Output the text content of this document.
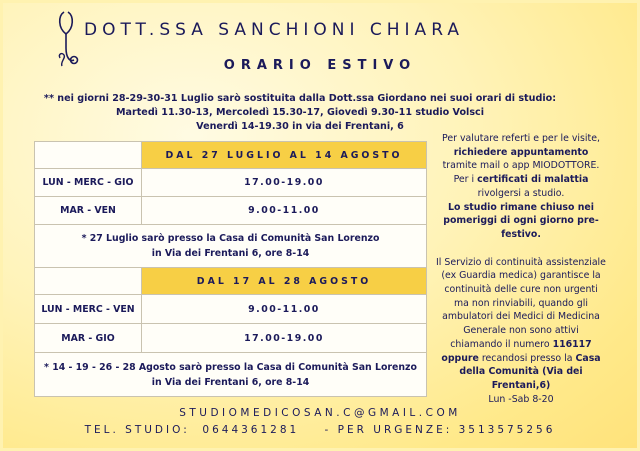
DOTT.SSA SANCHIONI CHIARA
ORARIO ESTIVO
** nei giorni 28-29-30-31 Luglio sarò sostituita dalla Dott.ssa Giordano nei suoi orari di studio:
Martedì 11.30-13, Mercoledì 15.30-17, Giovedì 9.30-11 studio Volsci
Venerdì 14-19.30 in via dei Frentani, 6
	DAL 27 LUGLIO AL 14 AGOSTO
LUN - MERC - GIO	17.00-19.00
MAR - VEN	9.00-11.00

* 27 Luglio sarò presso la Casa di Comunità San Lorenzo
in Via dei Frentani 6, ore 8-14	

	DAL 17 AL 28 AGOSTO
LUN - MERC - VEN	9.00-11.00
MAR - GIO	17.00-19.00

* 14 - 19 - 26 - 28 Agosto sarò presso la Casa di Comunità San Lorenzo
in Via dei Frentani 6, ore 8-14	
Per valutare referti e per le visite, richiedere appuntamento tramite mail o app MIODOTTORE.
Per i certificati di malattia rivolgersi a studio.
Lo studio rimane chiuso nei pomeriggi di ogni giorno pre-festivo.
Il Servizio di continuità assistenziale (ex Guardia medica) garantisce la continuità delle cure non urgenti ma non rinviabili, quando gli ambulatori dei Medici di Medicina Generale non sono attivi chiamando il numero 116117 oppure recandosi presso la Casa della Comunità (Via dei Frentani,6)
Lun -Sab 8-20
STUDIOMEDICOSAN.C@GMAIL.COM
TEL. STUDIO:  0644361281    - PER URGENZE: 3513575256
